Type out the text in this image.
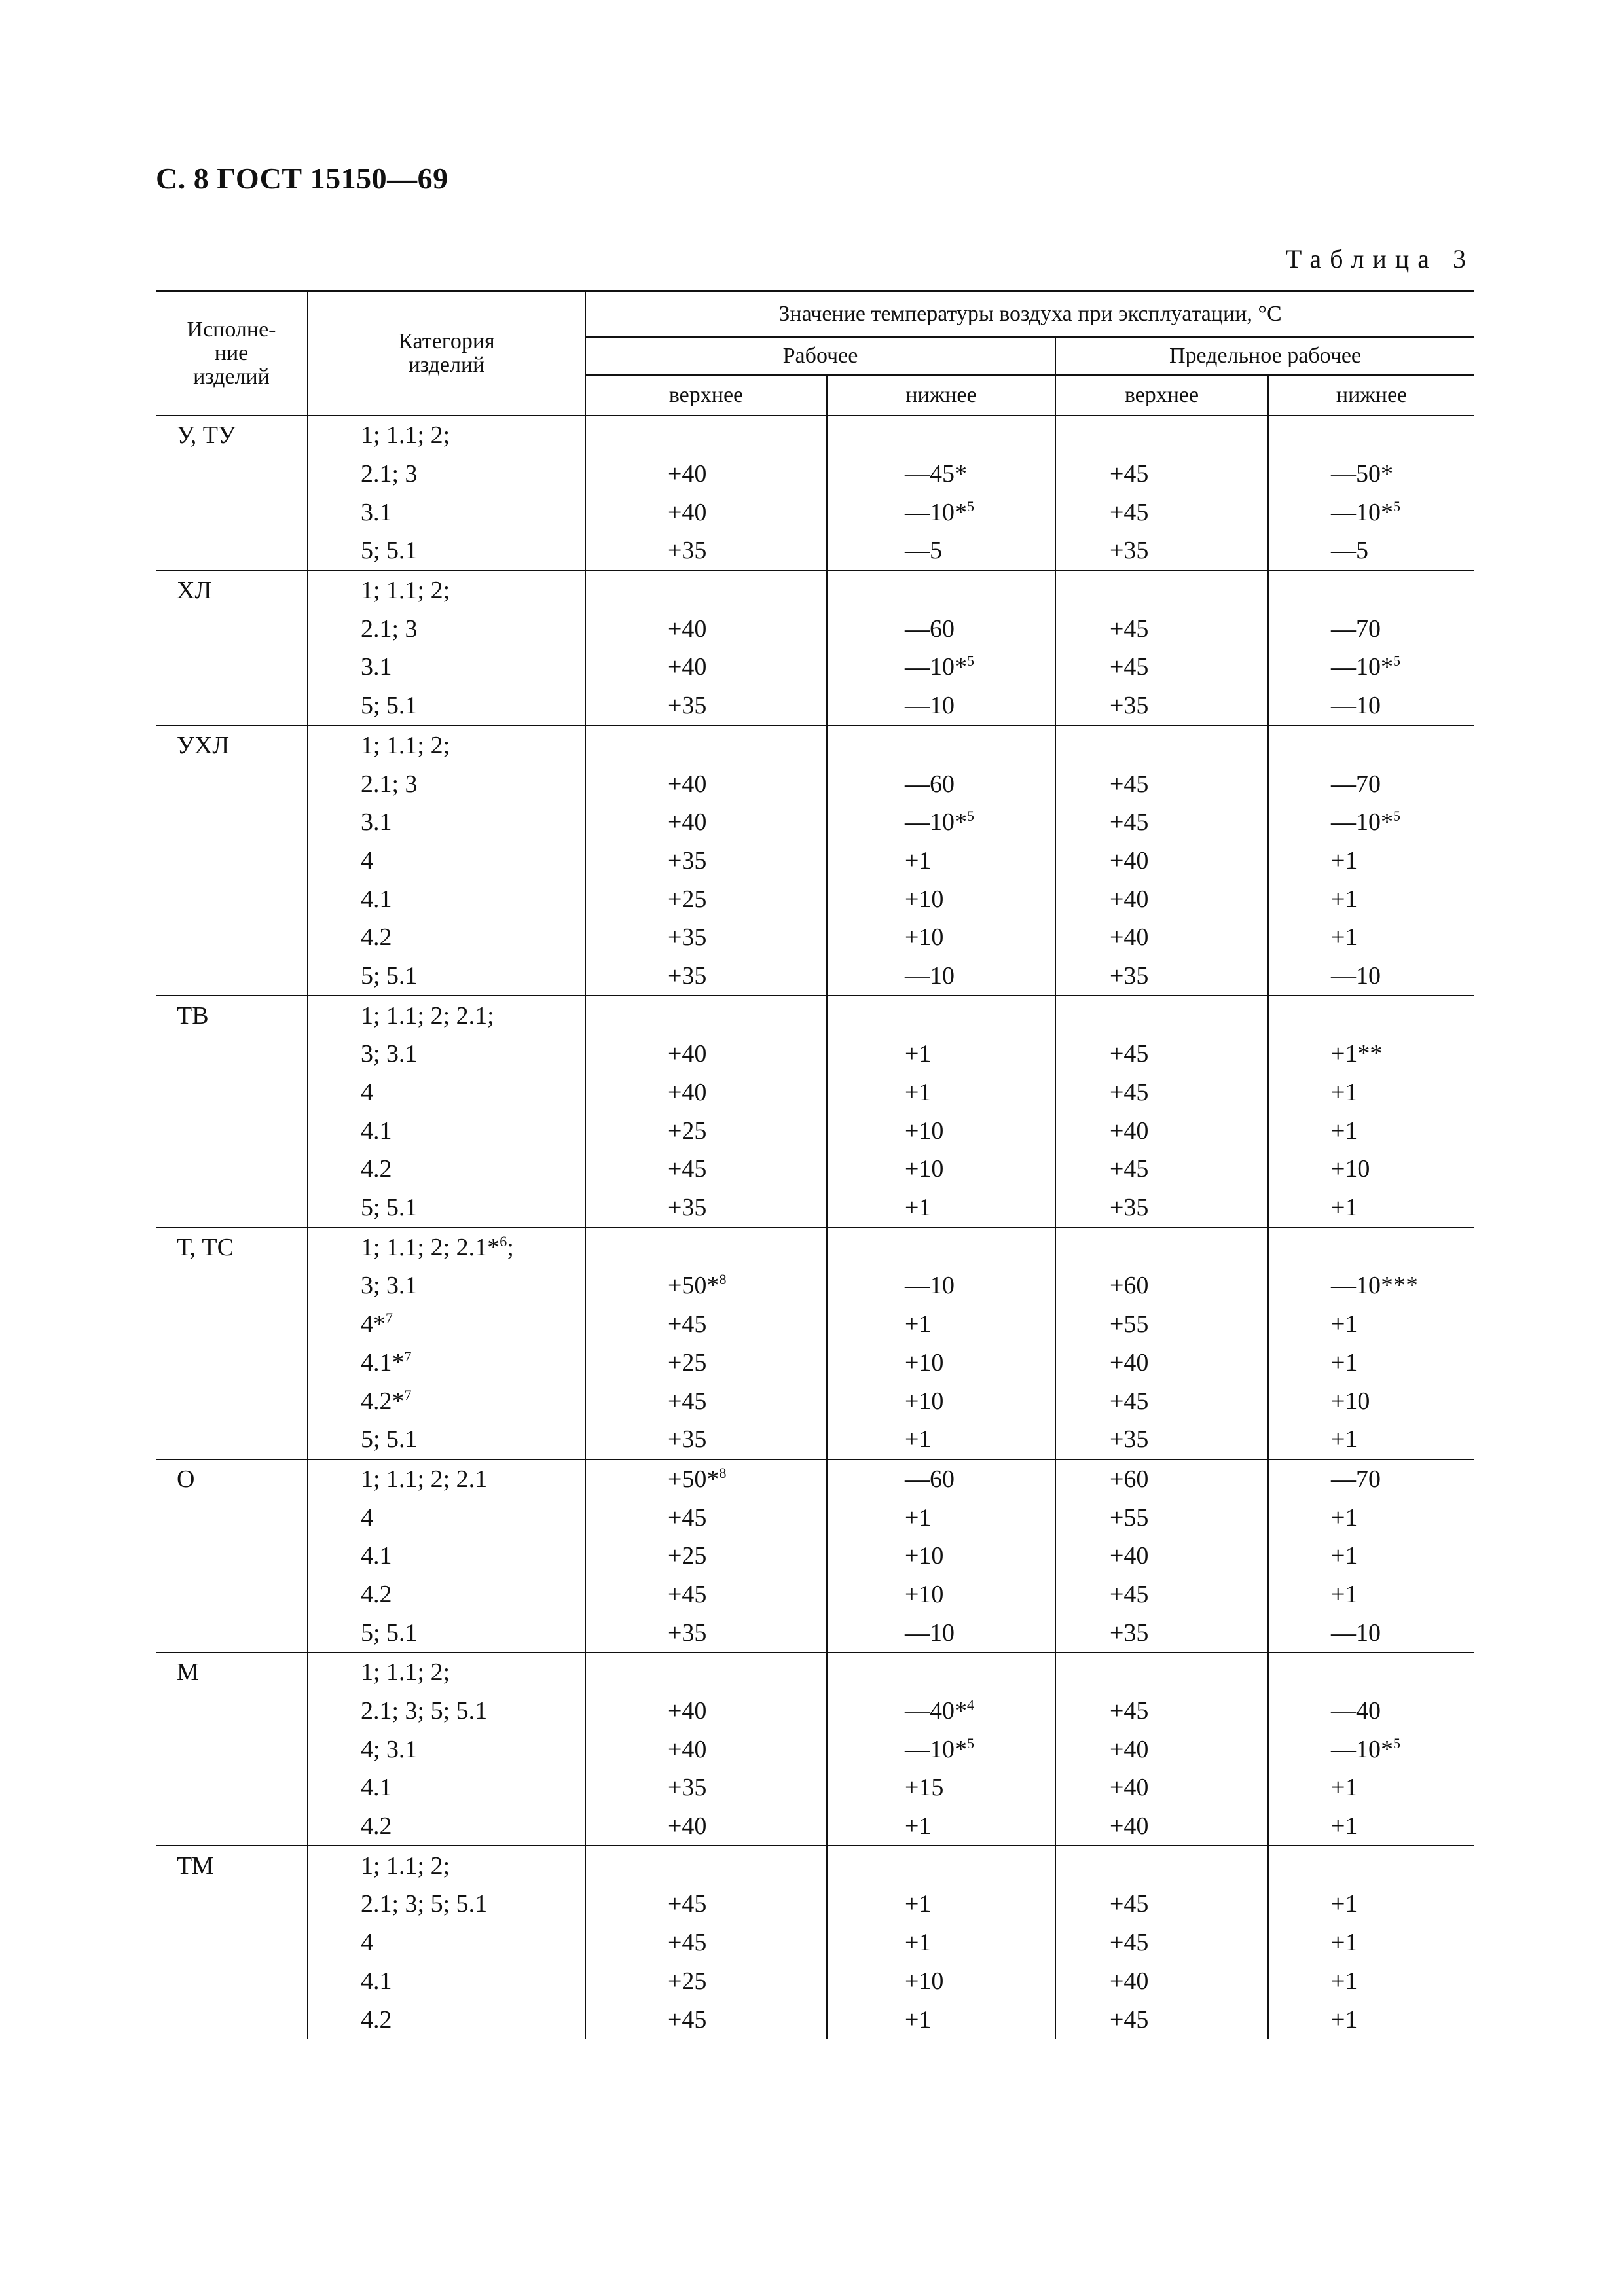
С. 8 ГОСТ 15150—69
Таблица 3
Исполне-
ние
изделий	Категория
изделий	Значение температуры воздуха при эксплуатации, °С			
		Рабочее		Предельное рабочее	
		верхнее	нижнее	верхнее	нижнее
У, ТУ	1; 1.1; 2;				
	2.1; 3	+40	—45*	+45	—50*
	3.1	+40	—10*$^5$	+45	—10*$^5$
	5; 5.1	+35	—5	+35	—5
ХЛ	1; 1.1; 2;				
	2.1; 3	+40	—60	+45	—70
	3.1	+40	—10*$^5$	+45	—10*$^5$
	5; 5.1	+35	—10	+35	—10
УХЛ	1; 1.1; 2;				
	2.1; 3	+40	—60	+45	—70
	3.1	+40	—10*$^5$	+45	—10*$^5$
	4	+35	+1	+40	+1
	4.1	+25	+10	+40	+1
	4.2	+35	+10	+40	+1
	5; 5.1	+35	—10	+35	—10
ТВ	1; 1.1; 2; 2.1;				
	3; 3.1	+40	+1	+45	+1**
	4	+40	+1	+45	+1
	4.1	+25	+10	+40	+1
	4.2	+45	+10	+45	+10
	5; 5.1	+35	+1	+35	+1
Т, ТС	1; 1.1; 2; 2.1*$^6$;				
	3; 3.1	+50*$^8$	—10	+60	—10***
	4*$^7$	+45	+1	+55	+1
	4.1*$^7$	+25	+10	+40	+1
	4.2*$^7$	+45	+10	+45	+10
	5; 5.1	+35	+1	+35	+1
О	1; 1.1; 2; 2.1	+50*$^8$	—60	+60	—70
	4	+45	+1	+55	+1
	4.1	+25	+10	+40	+1
	4.2	+45	+10	+45	+1
	5; 5.1	+35	—10	+35	—10
М	1; 1.1; 2;				
	2.1; 3; 5; 5.1	+40	—40*$^4$	+45	—40
	4; 3.1	+40	—10*$^5$	+40	—10*$^5$
	4.1	+35	+15	+40	+1
	4.2	+40	+1	+40	+1
ТМ	1; 1.1; 2;				
	2.1; 3; 5; 5.1	+45	+1	+45	+1
	4	+45	+1	+45	+1
	4.1	+25	+10	+40	+1
	4.2	+45	+1	+45	+1
